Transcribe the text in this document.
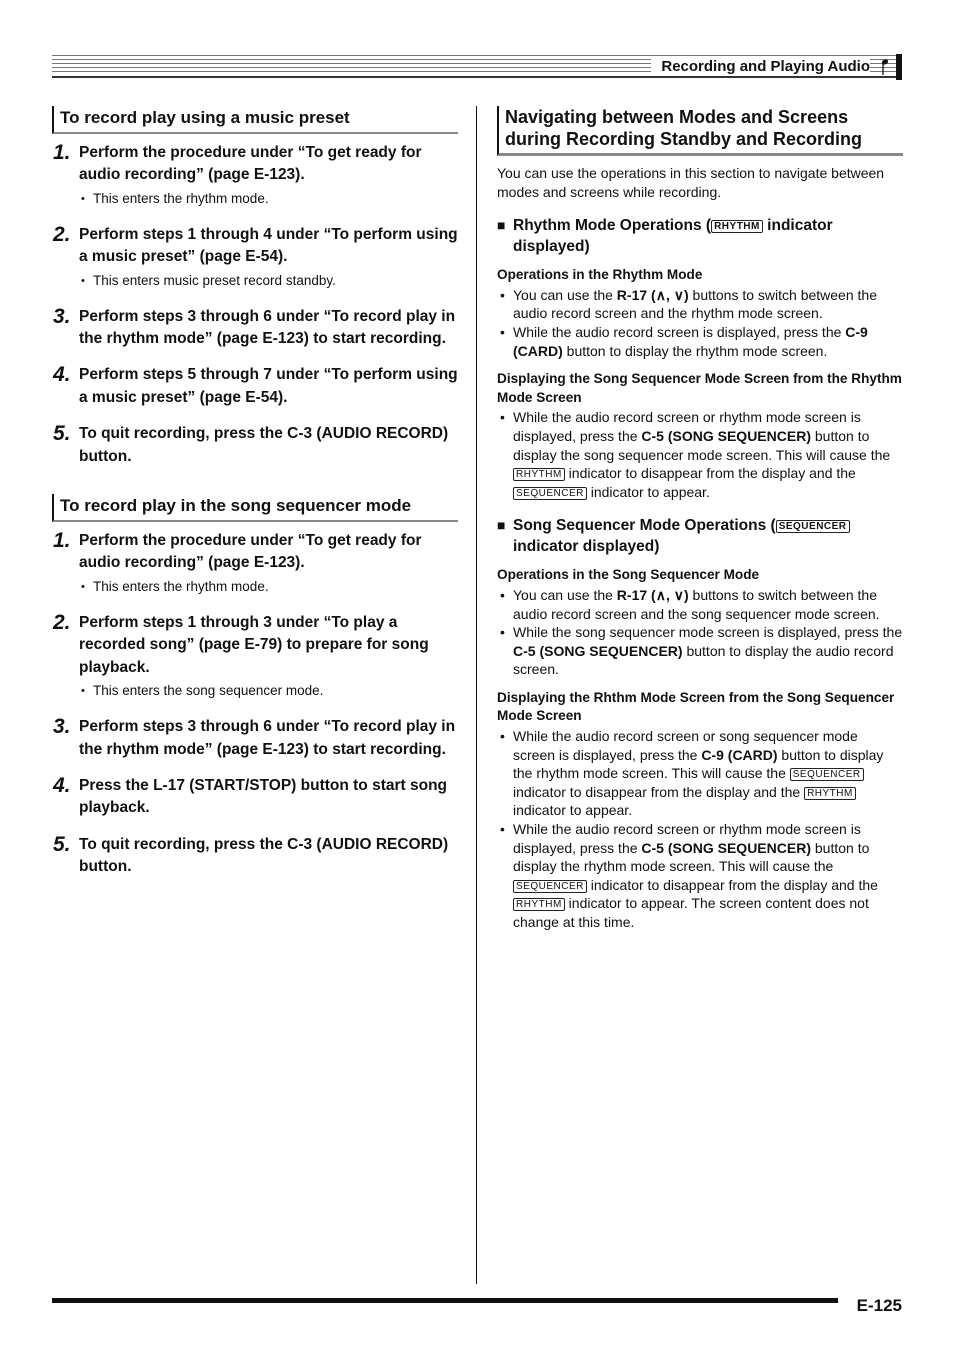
Recording and Playing Audio
To record play using a music preset
1. Perform the procedure under “To get ready for audio recording” (page E-123).
• This enters the rhythm mode.
2. Perform steps 1 through 4 under “To perform using a music preset” (page E-54).
• This enters music preset record standby.
3. Perform steps 3 through 6 under “To record play in the rhythm mode” (page E-123) to start recording.
4. Perform steps 5 through 7 under “To perform using a music preset” (page E-54).
5. To quit recording, press the C-3 (AUDIO RECORD) button.
To record play in the song sequencer mode
1. Perform the procedure under “To get ready for audio recording” (page E-123).
• This enters the rhythm mode.
2. Perform steps 1 through 3 under “To play a recorded song” (page E-79) to prepare for song playback.
• This enters the song sequencer mode.
3. Perform steps 3 through 6 under “To record play in the rhythm mode” (page E-123) to start recording.
4. Press the L-17 (START/STOP) button to start song playback.
5. To quit recording, press the C-3 (AUDIO RECORD) button.
Navigating between Modes and Screens during Recording Standby and Recording
You can use the operations in this section to navigate between modes and screens while recording.
■ Rhythm Mode Operations ( RHYTHM indicator displayed)
Operations in the Rhythm Mode
• You can use the R-17 (∧, ∨) buttons to switch between the audio record screen and the rhythm mode screen.
• While the audio record screen is displayed, press the C-9 (CARD) button to display the rhythm mode screen.
Displaying the Song Sequencer Mode Screen from the Rhythm Mode Screen
• While the audio record screen or rhythm mode screen is displayed, press the C-5 (SONG SEQUENCER) button to display the song sequencer mode screen. This will cause the RHYTHM indicator to disappear from the display and the SEQUENCER indicator to appear.
■ Song Sequencer Mode Operations ( SEQUENCER indicator displayed)
Operations in the Song Sequencer Mode
• You can use the R-17 (∧, ∨) buttons to switch between the audio record screen and the song sequencer mode screen.
• While the song sequencer mode screen is displayed, press the C-5 (SONG SEQUENCER) button to display the audio record screen.
Displaying the Rhthm Mode Screen from the Song Sequencer Mode Screen
• While the audio record screen or song sequencer mode screen is displayed, press the C-9 (CARD) button to display the rhythm mode screen. This will cause the SEQUENCER indicator to disappear from the display and the RHYTHM indicator to appear.
• While the audio record screen or rhythm mode screen is displayed, press the C-5 (SONG SEQUENCER) button to display the rhythm mode screen. This will cause the SEQUENCER indicator to disappear from the display and the RHYTHM indicator to appear. The screen content does not change at this time.
E-125
